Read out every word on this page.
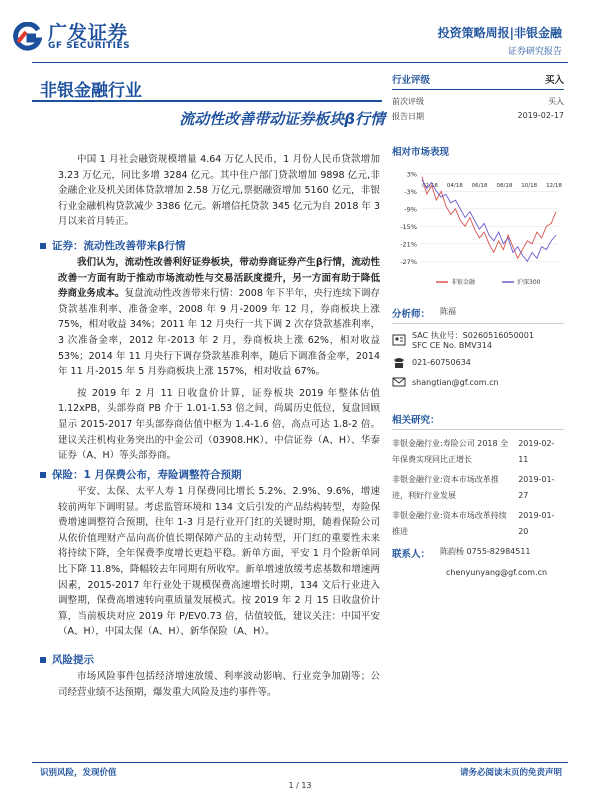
广发证券
GF SECURITIES
投资策略周报|非银金融
证券研究报告
非银金融行业
流动性改善带动证券板块β行情

中国 1 月社会融资规模增量 4.64 万亿人民币，1 月份人民币贷款增加 3.23 万亿元，同比多增 3284 亿元。其中住户部门贷款增加 9898 亿元,非金融企业及机关团体贷款增加 2.58 万亿元,票据融资增加 5160 亿元，非银行业金融机构贷款减少 3386 亿元。新增信托贷款 345 亿元为自 2018 年 3 月以来首月转正。

证券：流动性改善带来β行情

我们认为，流动性改善利好证券板块，带动券商证券产生β行情，流动性改善一方面有助于推动市场流动性与交易活跃度提升，另一方面有助于降低券商业务成本。复盘流动性改善带来行情：2008 年下半年，央行连续下调存贷款基准利率、准备金率，2008 年 9 月-2009 年 12 月，券商板块上涨 75%，相对收益 34%；2011 年 12 月央行一共下调 2 次存贷款基准利率，3 次准备金率，2012 年-2013 年 2 月，券商板块上涨 62%，相对收益 53%；2014 年 11 月央行下调存贷款基准利率，随后下调准备金率，2014 年 11 月-2015 年 5 月券商板块上涨 157%，相对收益 67%。

按 2019 年 2 月 11 日收盘价计算，证券板块 2019 年整体估值 1.12xPB，头部券商 PB 介于 1.01-1.53 倍之间，尚属历史低位，复盘回顾显示 2015-2017 年头部券商估值中枢为 1.4-1.6 倍，高点可达 1.8-2 倍。建议关注机构业务突出的中金公司（03908.HK）、中信证券（A、H）、华泰证券（A、H）等头部券商。

保险：1 月保费公布，寿险调整符合预期

平安、太保、太平人寿 1 月保费同比增长 5.2%、2.9%、9.6%，增速较前两年下调明显。考虑监管环境和 134 文后引发的产品结构转型，寿险保费增速调整符合预期，往年 1-3 月是行业开门红的关键时期，随着保险公司从依价值理财产品向高价值长期保障产品的主动转型，开门红的重要性未来将持续下降，全年保费季度增长更趋平稳。新单方面，平安 1 月个险新单同比下降 11.8%，降幅较去年同期有所收窄。新单增速放缓考虑基数和增速两因素，2015-2017 年行业处于规模保费高速增长时期，134 文后行业进入调整期，保费高增速转向重质量发展模式。按 2019 年 2 月 15 日收盘价计算，当前板块对应 2019 年 P/EV0.73 倍，估值较低，建议关注：中国平安（A、H），中国太保（A、H）、新华保险（A、H）。

风险提示

市场风险事件包括经济增速放缓、利率波动影响、行业竞争加剧等；公司经营业绩不达预期，爆发重大风险及违约事件等。

行业评级	买入
前次评级	买入
报告日期	2019-02-17
相对市场表现
3%
-3%
-9%
-15%
-21%
-27%
02/18 04/18 06/18 08/18 10/18 12/18
非银金融	沪深300
分析师： 陈福
SAC 执业号：S0260516050001
SFC CE No. BMV314
021-60750634
shangtian@gf.com.cn
相关研究：
非银金融行业:寿险公司 2018 全年保费实现同比正增长
2019-02-11
非银金融行业:资本市场改革推进，利好行业发展
2019-01-27
非银金融行业:资本市场改革持续推进
2019-01-20
联系人： 陈韵杨 0755-82984511
chenyunyang@gf.com.cn
识别风险，发现价值	请务必阅读末页的免责声明
1 / 13
